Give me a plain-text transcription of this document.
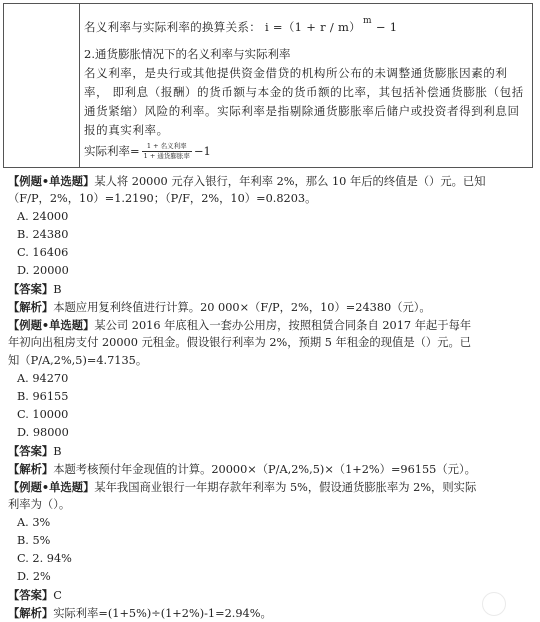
名义利率与实际利率的换算关系： i =（1 + r / m） $^m$ − 1
2.通货膨胀情况下的名义利率与实际利率
名义利率，是央行或其他提供资金借贷的机构所公布的未调整通货膨胀因素的利率， 即利息（报酬）的货币额与本金的货币额的比率，其包括补偿通货膨胀（包括通货紧缩）风险的利率。实际利率是指剔除通货膨胀率后储户或投资者得到利息回报的真实利率。
实际利率= $\frac{\text{1 + 名义利率}}{\text{1 + 通货膨胀率}} -1$
【例题•单选题】某人将 20000 元存入银行，年利率 2%，那么 10 年后的终值是（）元。已知
（F/P，2%，10）=1.2190；（P/F，2%，10）=0.8203。
A. 24000
B. 24380
C. 16406
D. 20000
【答案】B
【解析】本题应用复利终值进行计算。20 000×（F/P，2%，10）=24380（元）。
【例题•单选题】某公司 2016 年底租入一套办公用房，按照租赁合同条自 2017 年起于每年
年初向出租房支付 20000 元租金。假设银行利率为 2%，预期 5 年租金的现值是（）元。已
知（P/A,2%,5)=4.7135。
A. 94270
B. 96155
C. 10000
D. 98000
【答案】B
【解析】本题考核预付年金现值的计算。20000×（P/A,2%,5)×（1+2%）=96155（元）。
【例题•单选题】某年我国商业银行一年期存款年利率为 5%，假设通货膨胀率为 2%，则实际
利率为（）。
A. 3%
B. 5%
C. 2. 94%
D. 2%
【答案】C
【解析】实际利率=(1+5%)÷(1+2%)-1=2.94%。
